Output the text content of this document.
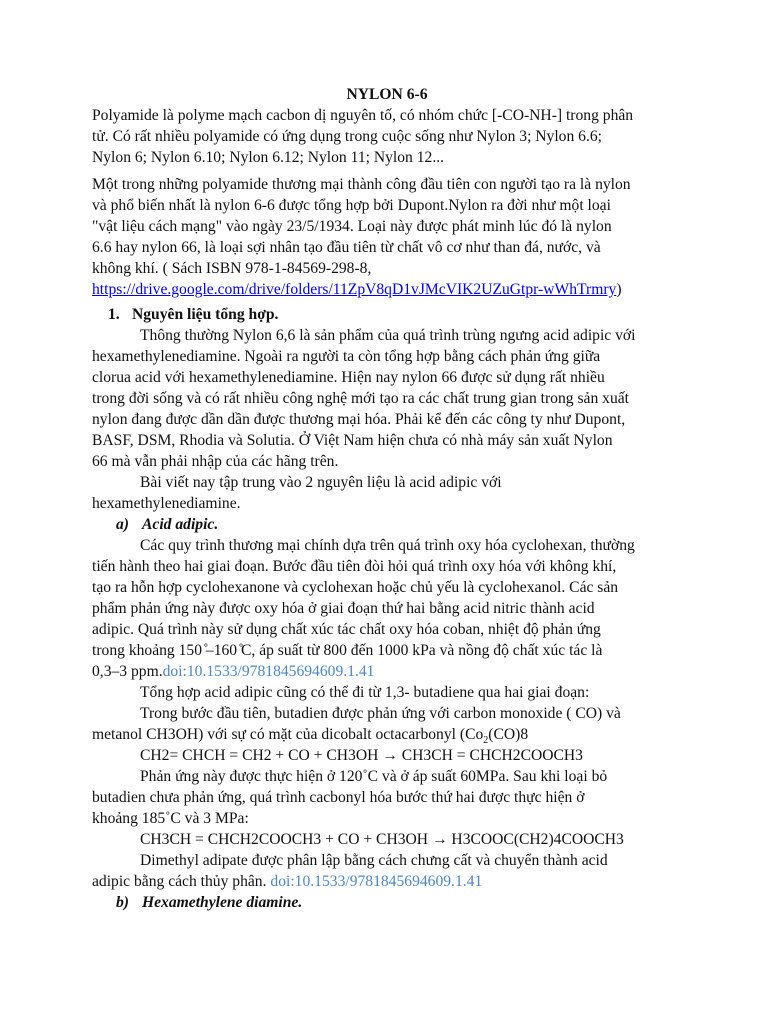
NYLON 6-6

Polyamide là polyme mạch cacbon dị nguyên tố, có nhóm chức [-CO-NH-] trong phân
tử. Có rất nhiều polyamide có ứng dụng trong cuộc sống như Nylon 3; Nylon 6.6;
Nylon 6; Nylon 6.10; Nylon 6.12; Nylon 11; Nylon 12...

Một trong những polyamide thương mại thành công đầu tiên con người tạo ra là nylon
và phổ biến nhất là nylon 6-6 được tổng hợp bởi Dupont.Nylon ra đời như một loại
"vật liệu cách mạng" vào ngày 23/5/1934. Loại này được phát minh lúc đó là nylon
6.6 hay nylon 66, là loại sợi nhân tạo đầu tiên từ chất vô cơ như than đá, nước, và
không khí. ( Sách ISBN 978-1-84569-298-8,
https://drive.google.com/drive/folders/11ZpV8qD1vJMcVIK2UZuGtpr-wWhTrmry)

1. Nguyên liệu tổng hợp.

Thông thường Nylon 6,6 là sản phẩm của quá trình trùng ngưng acid adipic với
hexamethylenediamine. Ngoài ra người ta còn tổng hợp bằng cách phản ứng giữa
clorua acid với hexamethylenediamine. Hiện nay nylon 66 được sử dụng rất nhiều
trong đời sống và có rất nhiều công nghệ mới tạo ra các chất trung gian trong sản xuất
nylon đang được dần dần được thương mại hóa. Phải kể đến các công ty như Dupont,
BASF, DSM, Rhodia và Solutia. Ở Việt Nam hiện chưa có nhà máy sản xuất Nylon
66 mà vẫn phải nhập của các hãng trên.

Bài viết nay tập trung vào 2 nguyên liệu là acid adipic với
hexamethylenediamine.

a) Acid adipic.

Các quy trình thương mại chính dựa trên quá trình oxy hóa cyclohexan, thường
tiến hành theo hai giai đoạn. Bước đầu tiên đòi hỏi quá trình oxy hóa với không khí,
tạo ra hỗn hợp cyclohexanone và cyclohexan hoặc chủ yếu là cyclohexanol. Các sản
phẩm phản ứng này được oxy hóa ở giai đoạn thứ hai bằng acid nitric thành acid
adipic. Quá trình này sử dụng chất xúc tác chất oxy hóa coban, nhiệt độ phản ứng
trong khoảng 150 ̊–160 ̊C, áp suất từ 800 đến 1000 kPa và nồng độ chất xúc tác là
0,3–3 ppm.doi:10.1533/9781845694609.1.41

Tổng hợp acid adipic cũng có thể đi từ 1,3- butadiene qua hai giai đoạn:

Trong bước đầu tiên, butadien được phản ứng với carbon monoxide ( CO) và
metanol CH3OH) với sự có mặt của dicobalt octacarbonyl ($Co_2(CO)8$

CH2= CHCH = CH2 + CO + CH3OH → CH3CH = CHCH2COOCH3

Phản ứng này được thực hiện ở 120˚C và ở áp suất 60MPa. Sau khi loại bỏ
butadien chưa phản ứng, quá trình cacbonyl hóa bước thứ hai được thực hiện ở
khoảng 185˚C và 3 MPa:

CH3CH = CHCH2COOCH3 + CO + CH3OH → H3COOC(CH2)4COOCH3

Dimethyl adipate được phân lập bằng cách chưng cất và chuyển thành acid
adipic bằng cách thủy phân. doi:10.1533/9781845694609.1.41

b) Hexamethylene diamine.
